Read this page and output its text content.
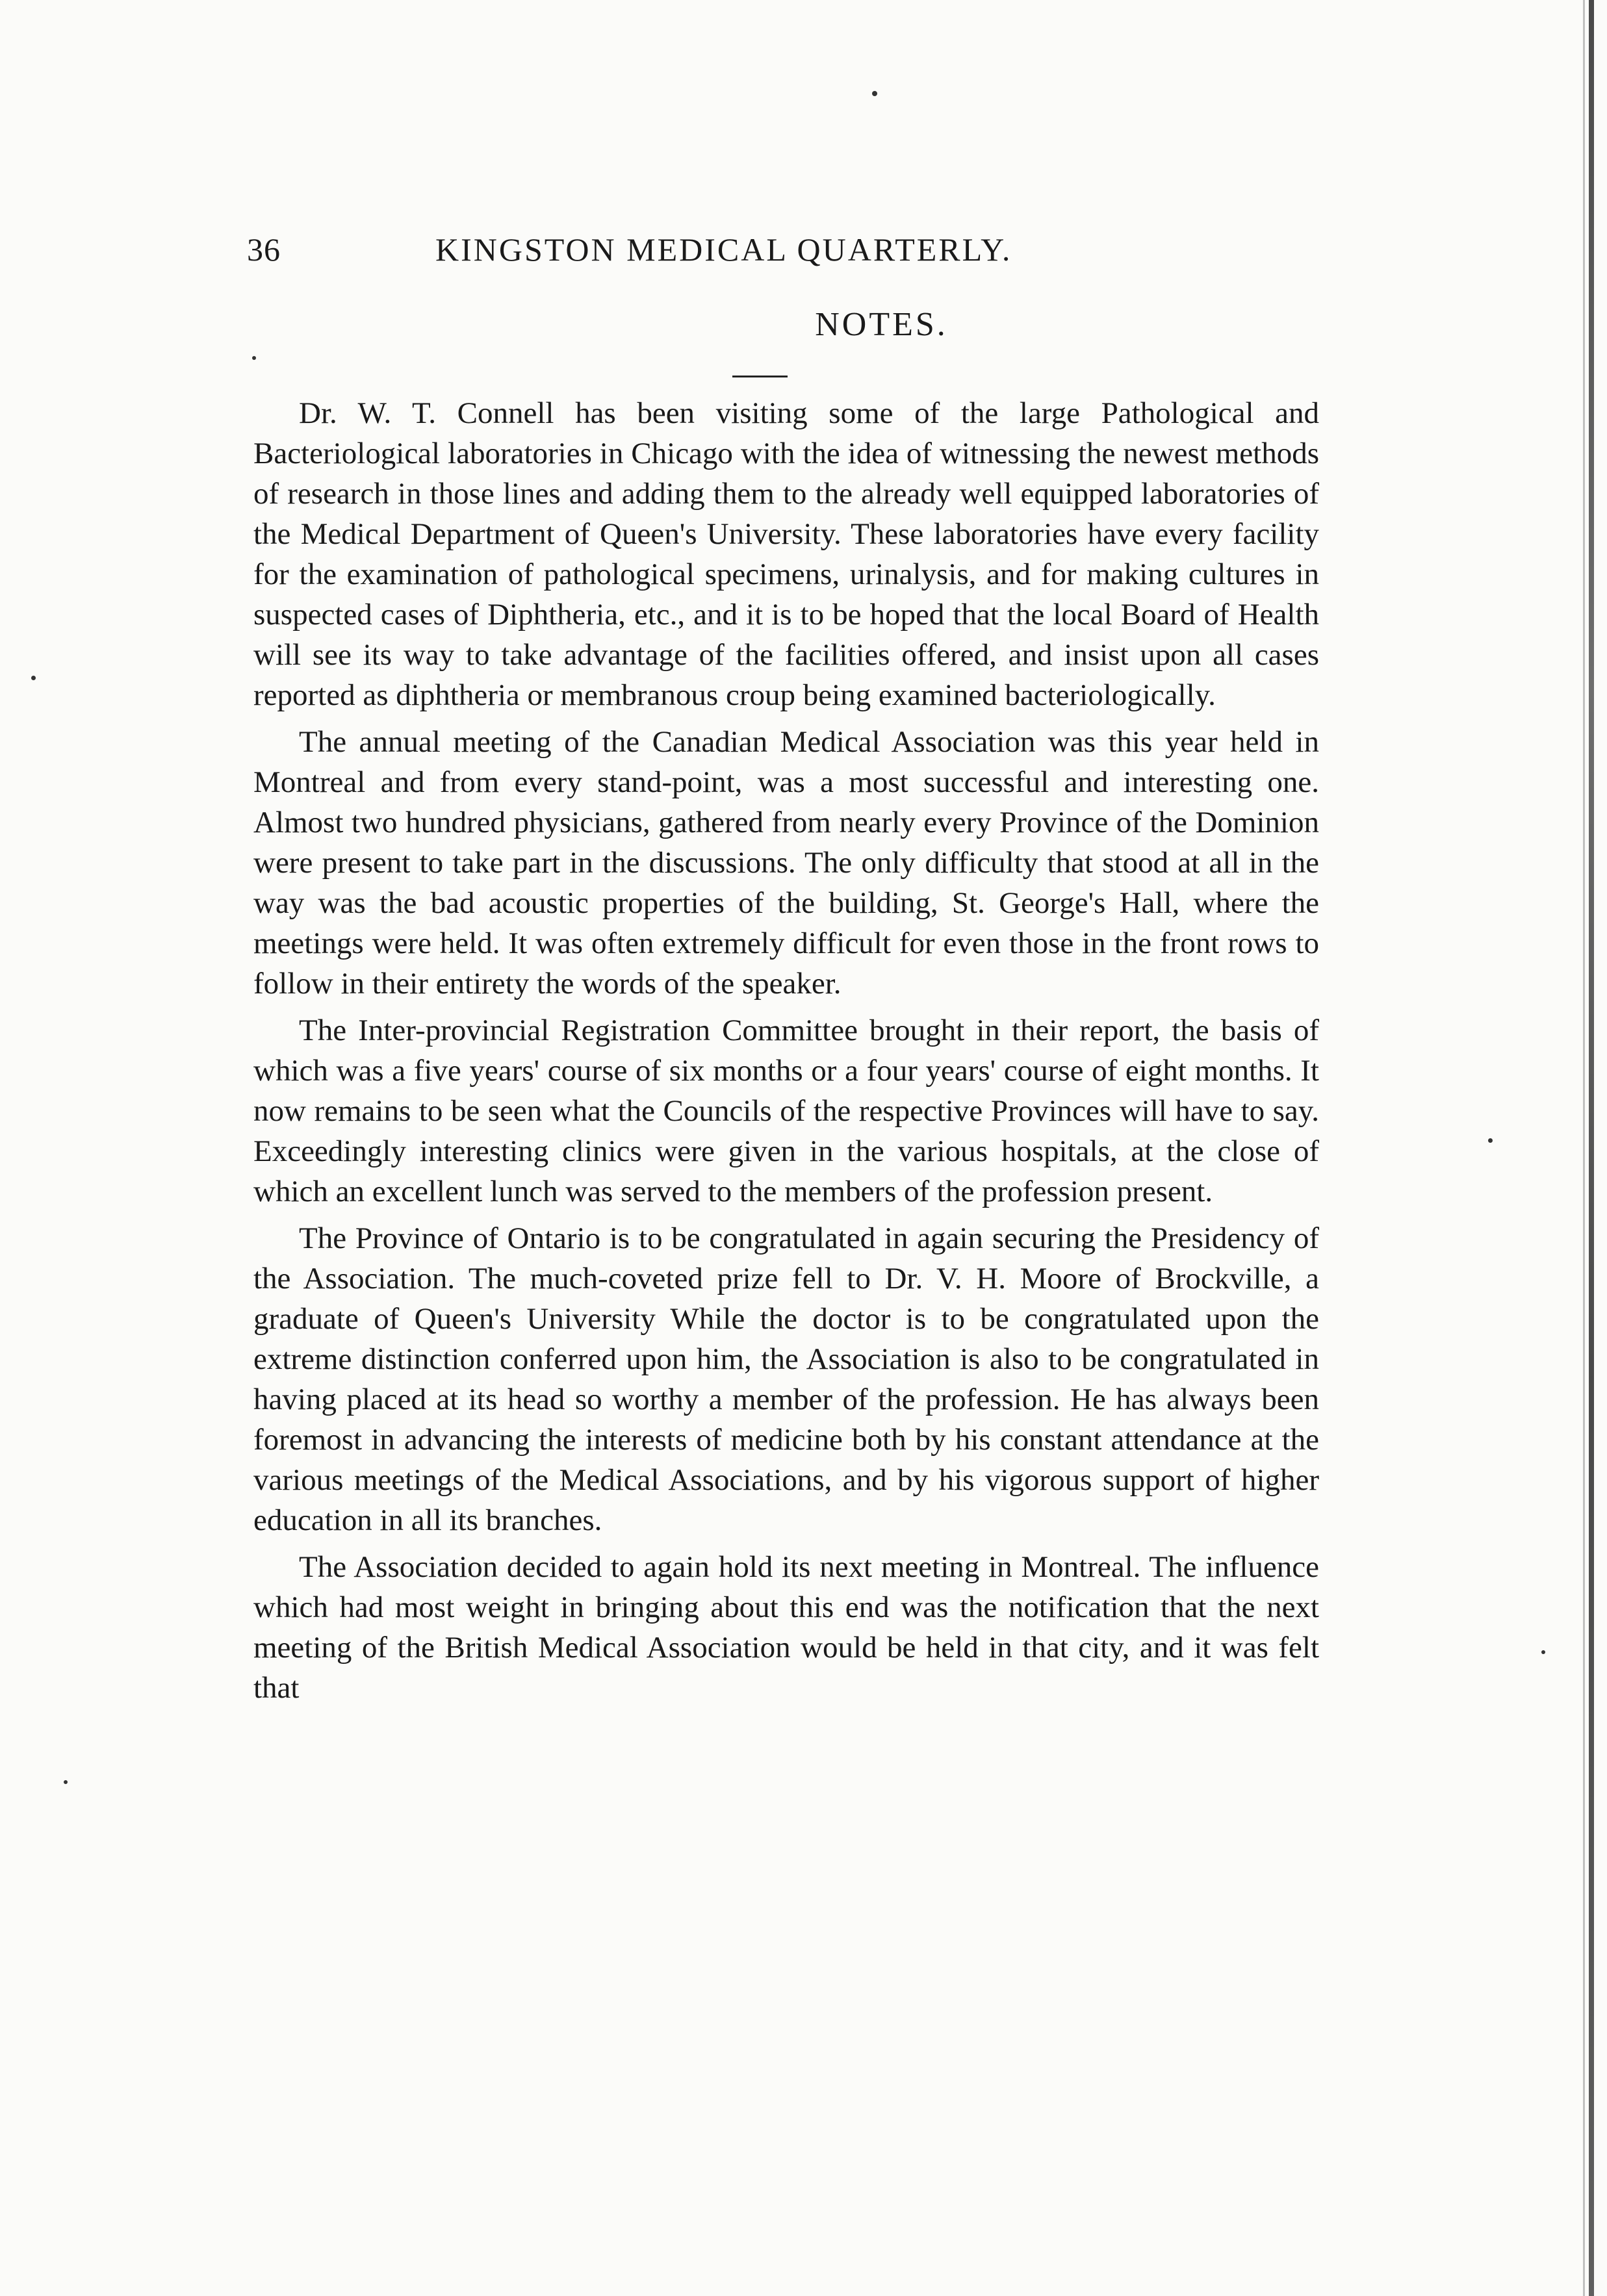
36	KINGSTON MEDICAL QUARTERLY.
NOTES.

Dr. W. T. Connell has been visiting some of the large Pathological and Bacteriological laboratories in Chicago with the idea of witnessing the newest methods of research in those lines and adding them to the already well equipped laboratories of the Medical Department of Queen's University. These laboratories have every facility for the examination of pathological specimens, urinalysis, and for making cultures in suspected cases of Diphtheria, etc., and it is to be hoped that the local Board of Health will see its way to take advantage of the facilities offered, and insist upon all cases reported as diphtheria or membranous croup being examined bacteriologically.

The annual meeting of the Canadian Medical Association was this year held in Montreal and from every stand-point, was a most successful and interesting one. Almost two hundred physicians, gathered from nearly every Province of the Dominion were present to take part in the discussions. The only difficulty that stood at all in the way was the bad acoustic properties of the building, St. George's Hall, where the meetings were held. It was often extremely difficult for even those in the front rows to follow in their entirety the words of the speaker.

The Inter-provincial Registration Committee brought in their report, the basis of which was a five years' course of six months or a four years' course of eight months. It now remains to be seen what the Councils of the respective Provinces will have to say. Exceedingly interesting clinics were given in the various hospitals, at the close of which an excellent lunch was served to the members of the profession present.

The Province of Ontario is to be congratulated in again securing the Presidency of the Association. The much-coveted prize fell to Dr. V. H. Moore of Brockville, a graduate of Queen's University While the doctor is to be congratulated upon the extreme distinction conferred upon him, the Association is also to be congratulated in having placed at its head so worthy a member of the profession. He has always been foremost in advancing the interests of medicine both by his constant attendance at the various meetings of the Medical Associations, and by his vigorous support of higher education in all its branches.

The Association decided to again hold its next meeting in Montreal. The influence which had most weight in bringing about this end was the notification that the next meeting of the British Medical Association would be held in that city, and it was felt that
